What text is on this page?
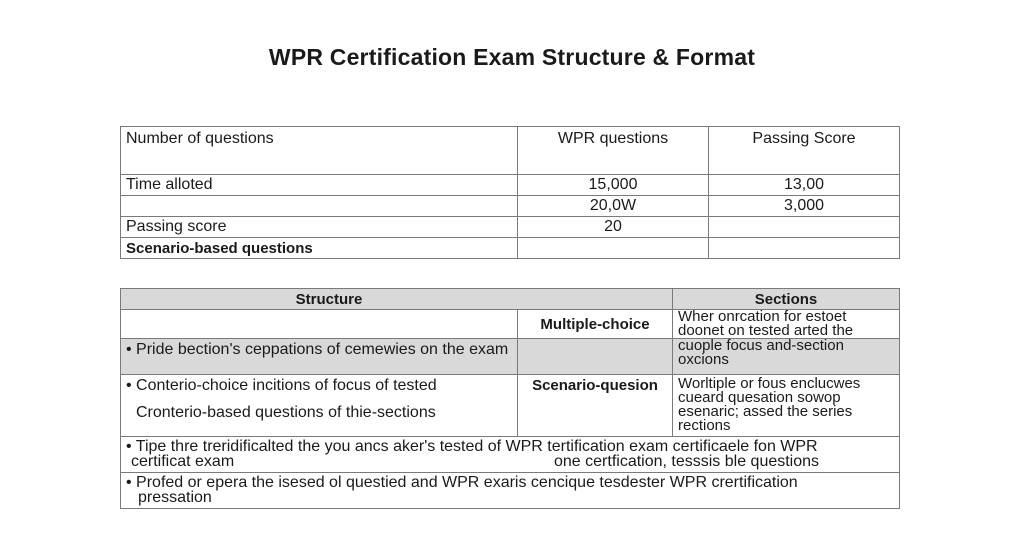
WPR Certification Exam Structure & Format
Number of questions	WPR questions	Passing Score
Time alloted	15,000	13,00
	20,0W	3,000
Passing score	20	
Scenario-based questions		
Structure		Sections
	Multiple-choice	Wher onrcation for estoet
doonet on tested arted the

• Pride bection's ceppations of cemewies on the exam		cuople focus and-section
oxcions

• Conterio-choice incitions of focus of tested
Cronterio-based questions of thie-sections	Scenario-quesion	Worltiple or fous enclucwes
cueard quesation sowop
esenaric; assed the series
rections

• Tipe thre treridificalted the you ancs aker's tested of WPR tertification exam certificaele fon WPR
certificat exam one certfication, tesssis ble questions		

• Profed or epera the isesed ol questied and WPR exaris cencique tesdester WPR crertification
pressation		
